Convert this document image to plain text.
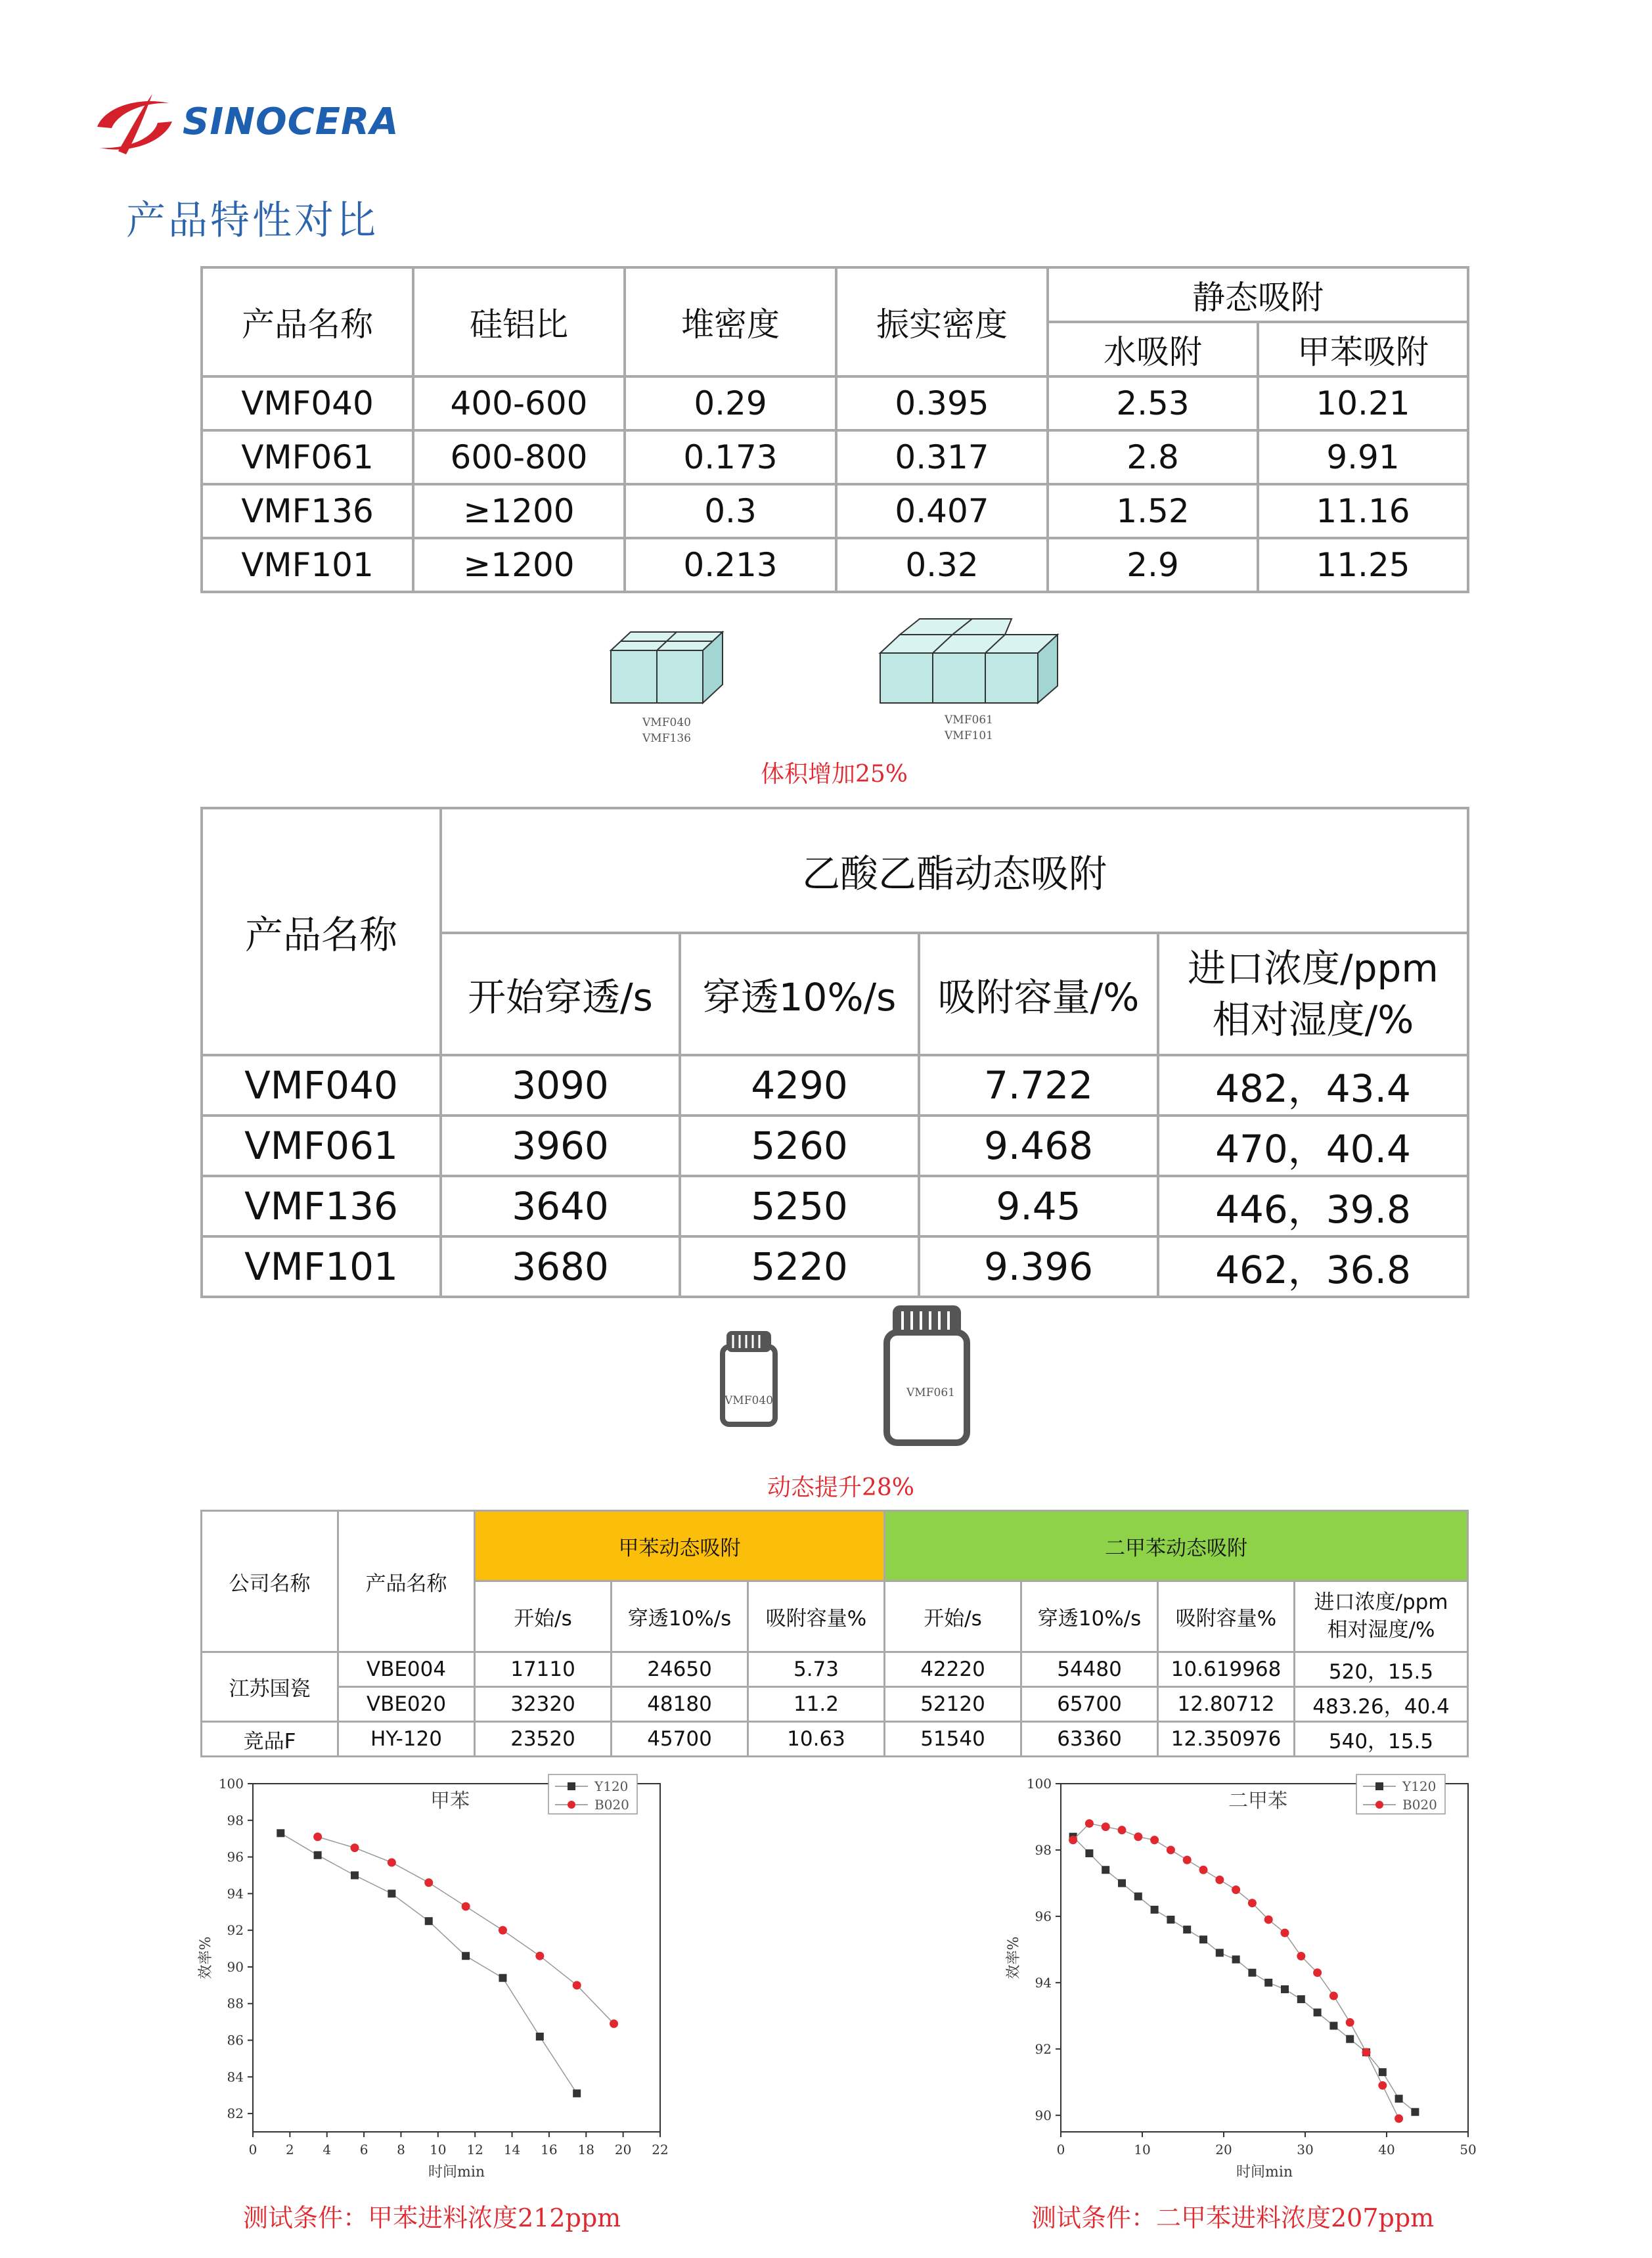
SINOCERA
产品特性对比
产品名称	硅铝比	堆密度	振实密度	静态吸附	
				水吸附	甲苯吸附
VMF040	400-600	0.29	0.395	2.53	10.21
VMF061	600-800	0.173	0.317	2.8	9.91
VMF136	≥1200	0.3	0.407	1.52	11.16
VMF101	≥1200	0.213	0.32	2.9	11.25
VMF040
VMF136
VMF061
VMF101
体积增加25%
产品名称	乙酸乙酯动态吸附			
	开始穿透/s	穿透10%/s	吸附容量/%	进口浓度/ppm
相对湿度/%

VMF040	3090	4290	7.722	482，43.4
VMF061	3960	5260	9.468	470，40.4
VMF136	3640	5250	9.45	446，39.8
VMF101	3680	5220	9.396	462，36.8
VMF040
VMF061
动态提升28%
公司名称	产品名称	甲苯动态吸附			二甲苯动态吸附			
		开始/s	穿透10%/s	吸附容量%	开始/s	穿透10%/s	吸附容量%	进口浓度/ppm
相对湿度/%

江苏国瓷	VBE004	17110	24650	5.73	42220	54480	10.619968	520，15.5
	VBE020	32320	48180	11.2	52120	65700	12.80712	483.26，40.4
竞品F	HY-120	23520	45700	10.63	51540	63360	12.350976	540，15.5
0 2 4 6 8 10 12 14 16 18 20 22
82
84
86
88
90
92
94
96
98
100
时间min
效率%
甲苯
Y120
B020
0	10	20	30	40	50
90
92
94
96
98
100
时间min
效率%
二甲苯
Y120
B020
测试条件：甲苯进料浓度212ppm	测试条件：二甲苯进料浓度207ppm
